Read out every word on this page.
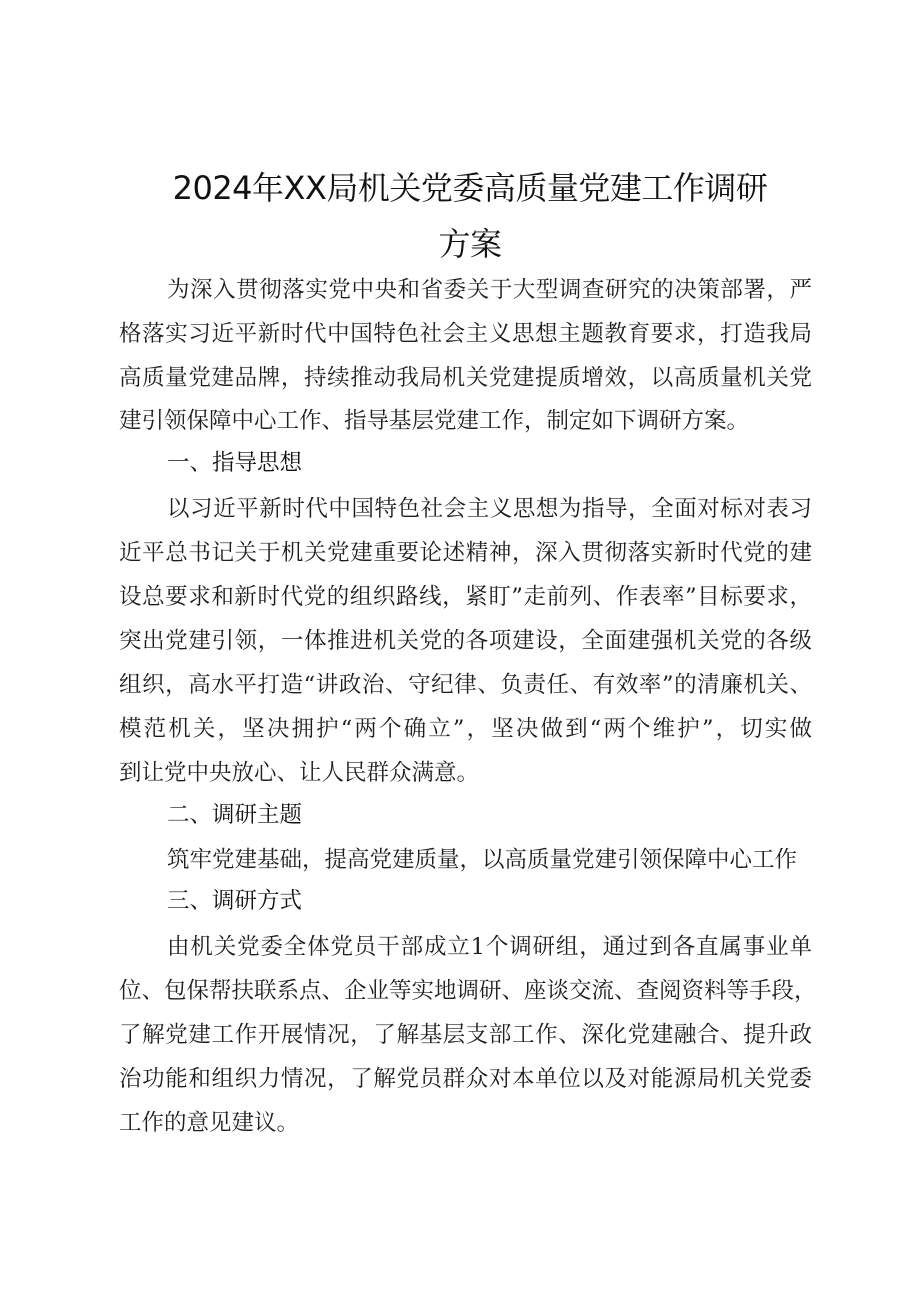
2024年XX局机关党委高质量党建工作调研
方案
为深入贯彻落实党中央和省委关于大型调查研究的决策部署，严
格落实习近平新时代中国特色社会主义思想主题教育要求，打造我局
高质量党建品牌，持续推动我局机关党建提质增效，以高质量机关党
建引领保障中心工作、指导基层党建工作，制定如下调研方案。
一、指导思想
以习近平新时代中国特色社会主义思想为指导，全面对标对表习
近平总书记关于机关党建重要论述精神，深入贯彻落实新时代党的建
设总要求和新时代党的组织路线，紧盯”走前列、作表率”目标要求，
突出党建引领，一体推进机关党的各项建设，全面建强机关党的各级
组织，高水平打造“讲政治、守纪律、负责任、有效率”的清廉机关、
模范机关，坚决拥护“两个确立”，坚决做到“两个维护”，切实做
到让党中央放心、让人民群众满意。
二、调研主题
筑牢党建基础，提高党建质量，以高质量党建引领保障中心工作
三、调研方式
由机关党委全体党员干部成立1个调研组，通过到各直属事业单
位、包保帮扶联系点、企业等实地调研、座谈交流、查阅资料等手段，
了解党建工作开展情况，了解基层支部工作、深化党建融合、提升政
治功能和组织力情况，了解党员群众对本单位以及对能源局机关党委
工作的意见建议。
